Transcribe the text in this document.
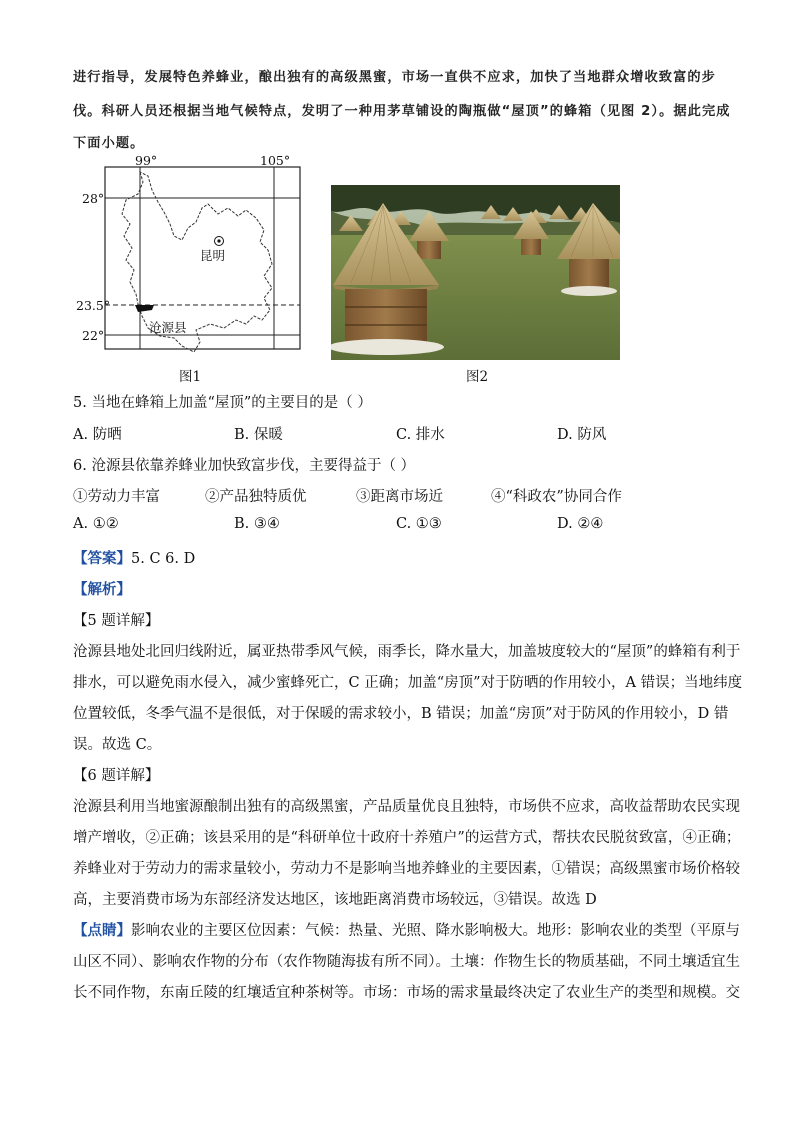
进行指导，发展特色养蜂业，酿出独有的高级黑蜜，市场一直供不应求，加快了当地群众增收致富的步
伐。科研人员还根据当地气候特点，发明了一种用茅草铺设的陶瓶做“屋顶”的蜂箱（见图 2）。据此完成
下面小题。
99°	105°
28°
23.5°
22°
昆明
沧源县
图1	图2
5. 当地在蜂箱上加盖“屋顶”的主要目的是（ ）
A. 防晒	B. 保暖	C. 排水	D. 防风
6. 沧源县依靠养蜂业加快致富步伐，主要得益于（ ）
①劳动力丰富	②产品独特质优	③距离市场近	④“科政农”协同合作
A. ①②	B. ③④	C. ①③	D. ②④
【答案】5. C 6. D
【解析】
【5 题详解】
沧源县地处北回归线附近，属亚热带季风气候，雨季长，降水量大，加盖坡度较大的“屋顶”的蜂箱有利于
排水，可以避免雨水侵入，减少蜜蜂死亡，C 正确；加盖“房顶”对于防晒的作用较小，A 错误；当地纬度
位置较低，冬季气温不是很低，对于保暖的需求较小，B 错误；加盖“房顶”对于防风的作用较小，D 错
误。故选 C。
【6 题详解】
沧源县利用当地蜜源酿制出独有的高级黑蜜，产品质量优良且独特，市场供不应求，高收益帮助农民实现
增产增收，②正确；该县采用的是“科研单位十政府十养殖户”的运营方式，帮扶农民脱贫致富，④正确；
养蜂业对于劳动力的需求量较小，劳动力不是影响当地养蜂业的主要因素，①错误；高级黑蜜市场价格较
高，主要消费市场为东部经济发达地区，该地距离消费市场较远，③错误。故选 D
【点睛】影响农业的主要区位因素：气候：热量、光照、降水影响极大。地形：影响农业的类型（平原与
山区不同）、影响农作物的分布（农作物随海拔有所不同）。土壤：作物生长的物质基础，不同土壤适宜生
长不同作物，东南丘陵的红壤适宜种茶树等。市场：市场的需求量最终决定了农业生产的类型和规模。交
